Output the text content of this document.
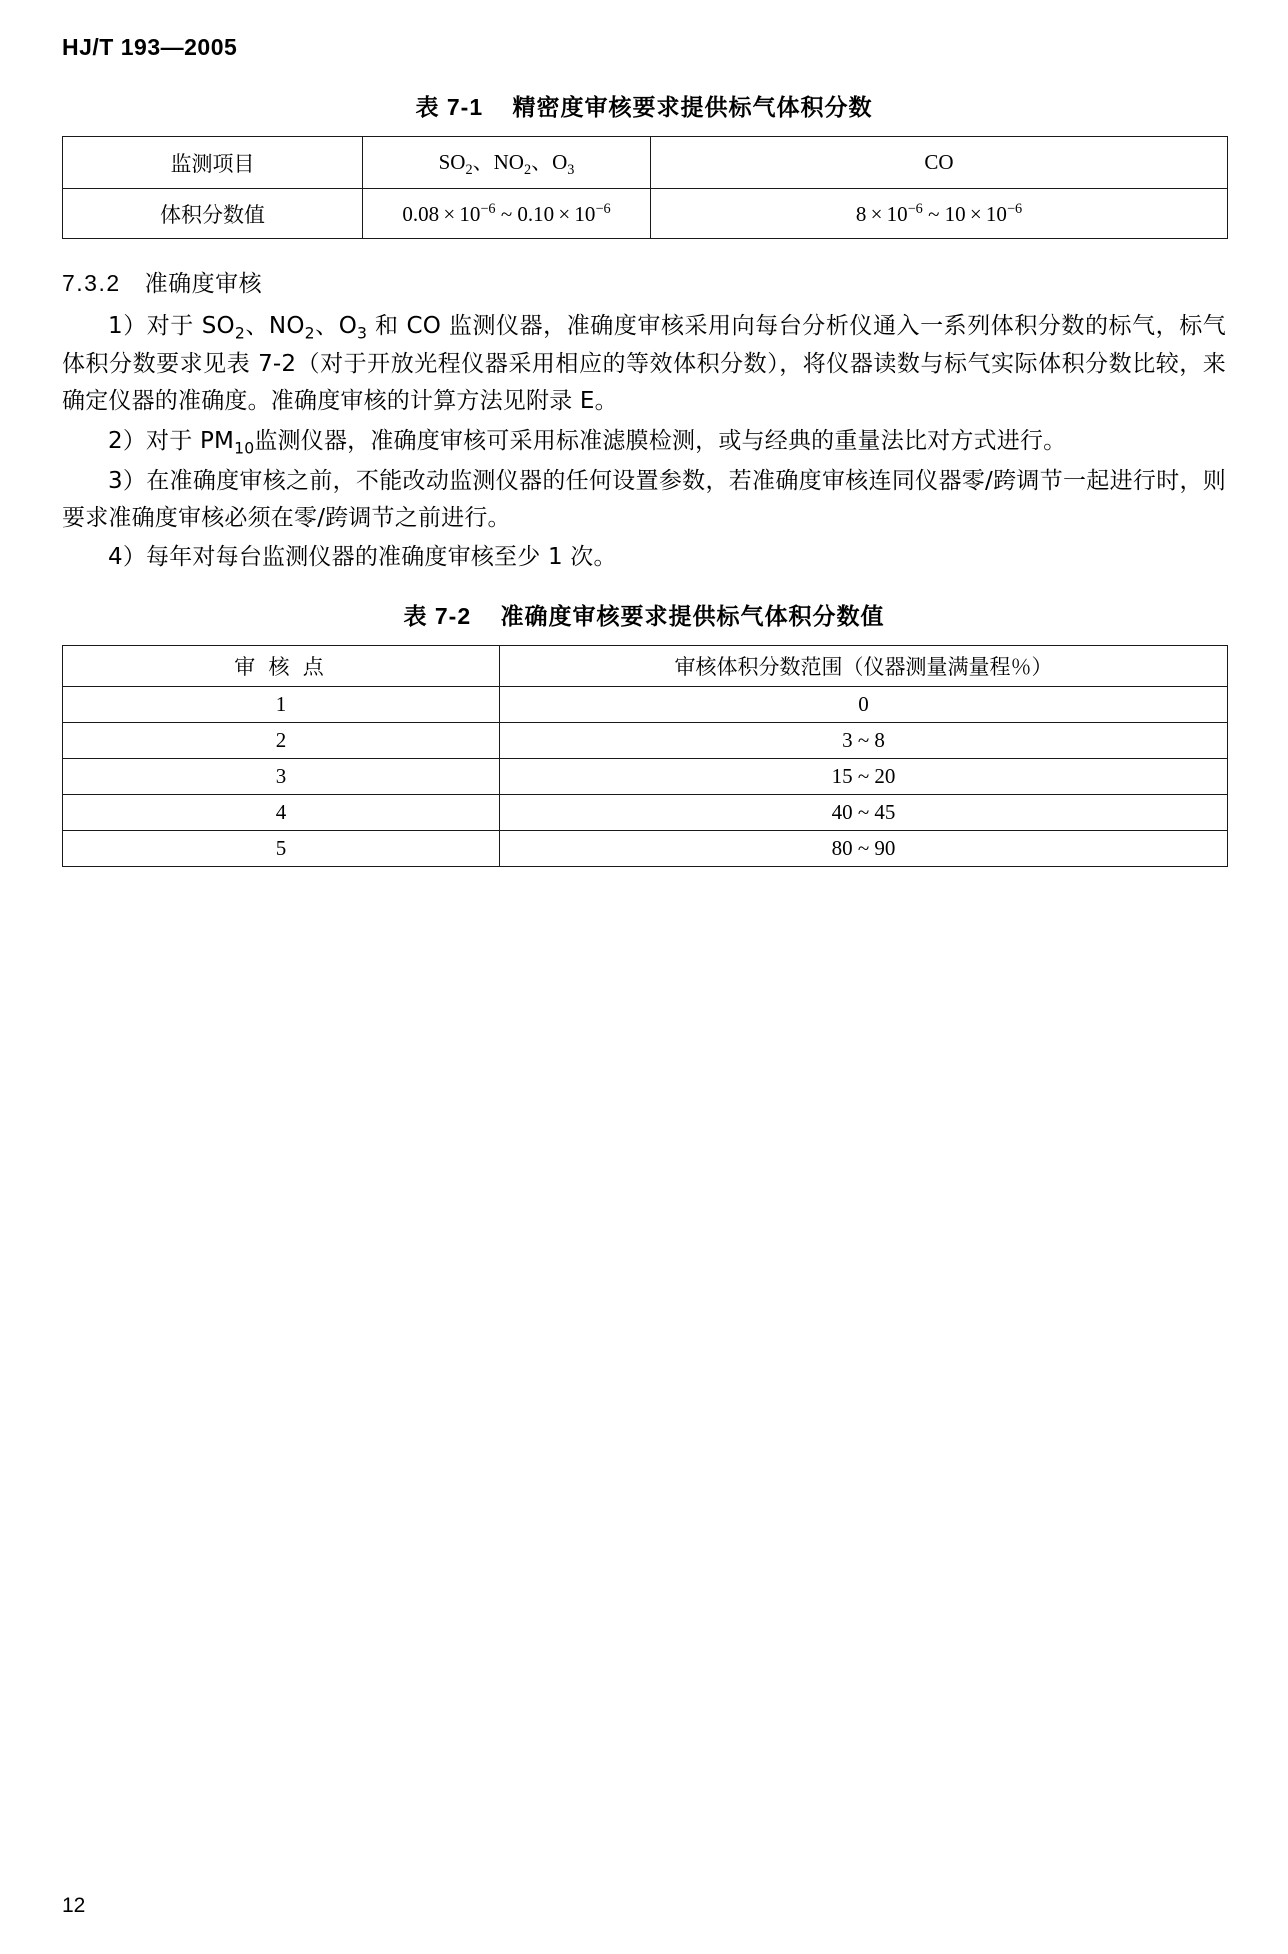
HJ/T 193—2005
表 7-1 精密度审核要求提供标气体积分数
监测项目	$SO_2$、$NO_2$、$O_3$	CO
体积分数值	$0.08 \times 10^{-6}$ ~ $0.10 \times 10^{-6}$	$8 \times 10^{-6}$ ~ $10 \times 10^{-6}$
7.3.2 准确度审核

1）对于 $SO_2$、$NO_2$、$O_3$ 和 CO 监测仪器，准确度审核采用向每台分析仪通入一系列体积分数的标气，标气体积分数要求见表 7-2（对于开放光程仪器采用相应的等效体积分数），将仪器读数与标气实际体积分数比较，来确定仪器的准确度。准确度审核的计算方法见附录 E。

2）对于 $PM_{10}$监测仪器，准确度审核可采用标准滤膜检测，或与经典的重量法比对方式进行。

3）在准确度审核之前，不能改动监测仪器的任何设置参数，若准确度审核连同仪器零/跨调节一起进行时，则要求准确度审核必须在零/跨调节之前进行。

4）每年对每台监测仪器的准确度审核至少 1 次。

表 7-2 准确度审核要求提供标气体积分数值
审 核 点	审核体积分数范围（仪器测量满量程％）
1	0
2	3 ~ 8
3	15 ~ 20
4	40 ~ 45
5	80 ~ 90
12
